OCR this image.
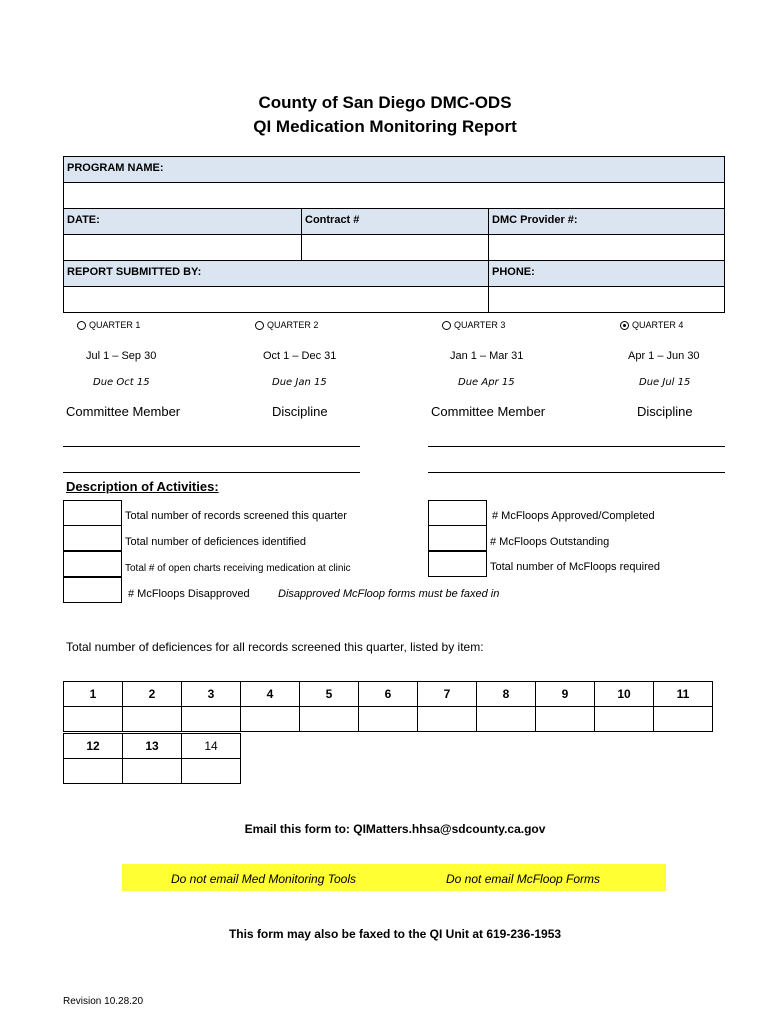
County of San Diego DMC-ODS
QI Medication Monitoring Report
PROGRAM NAME:
DATE:	Contract #	DMC Provider #:
REPORT SUBMITTED BY:	PHONE:
QUARTER 1	QUARTER 2	QUARTER 3	QUARTER 4
Jul 1 – Sep 30	Oct 1 – Dec 31	Jan 1 – Mar 31	Apr 1 – Jun 30
Due Oct 15	Due Jan 15	Due Apr 15	Due Jul 15
Committee Member	Discipline	Committee Member	Discipline
Description of Activities:
Total number of records screened this quarter
Total number of deficiences identified
Total # of open charts receiving medication at clinic
# McFloops Disapproved	Disapproved McFloop forms must be faxed in
# McFloops Approved/Completed
# McFloops Outstanding
Total number of McFloops required
Total number of deficiences for all records screened this quarter, listed by item:
1	2	3	4	5	6	7	8	9	10	11

12	13	14

Email this form to: QIMatters.hhsa@sdcounty.ca.gov
Do not email Med Monitoring Tools	Do not email McFloop Forms
This form may also be faxed to the QI Unit at 619-236-1953
Revision 10.28.20
